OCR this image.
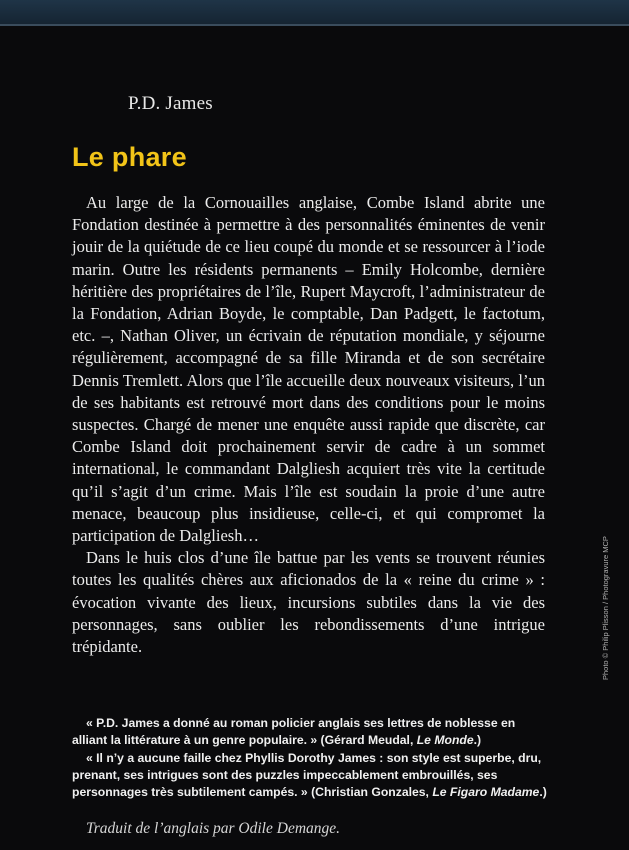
P.D. James
Le phare

Au large de la Cornouailles anglaise, Combe Island abrite une Fondation destinée à permettre à des personnalités éminentes de venir jouir de la quiétude de ce lieu coupé du monde et se ressourcer à l’iode marin. Outre les résidents permanents – Emily Holcombe, dernière héritière des propriétaires de l’île, Rupert Maycroft, l’administrateur de la Fondation, Adrian Boyde, le comptable, Dan Padgett, le factotum, etc. –, Nathan Oliver, un écrivain de réputation mondiale, y séjourne régulièrement, accompagné de sa fille Miranda et de son secrétaire Dennis Tremlett. Alors que l’île accueille deux nouveaux visiteurs, l’un de ses habitants est retrouvé mort dans des conditions pour le moins suspectes. Chargé de mener une enquête aussi rapide que discrète, car Combe Island doit prochainement servir de cadre à un sommet international, le commandant Dalgliesh acquiert très vite la certitude qu’il s’agit d’un crime. Mais l’île est soudain la proie d’une autre menace, beaucoup plus insidieuse, celle-ci, et qui compromet la participation de Dalgliesh…

Dans le huis clos d’une île battue par les vents se trouvent réunies toutes les qualités chères aux aficionados de la « reine du crime » : évocation vivante des lieux, incursions subtiles dans la vie des personnages, sans oublier les rebondissements d’une intrigue trépidante.

« P.D. James a donné au roman policier anglais ses lettres de noblesse en alliant la littérature à un genre populaire. » (Gérard Meudal, Le Monde.)

« Il n’y a aucune faille chez Phyllis Dorothy James : son style est superbe, dru, prenant, ses intrigues sont des puzzles impeccablement embrouillés, ses personnages très subtilement campés. » (Christian Gonzales, Le Figaro Madame.)

Traduit de l’anglais par Odile Demange.
Photo © Philip Plisson / Photogravure MCP
